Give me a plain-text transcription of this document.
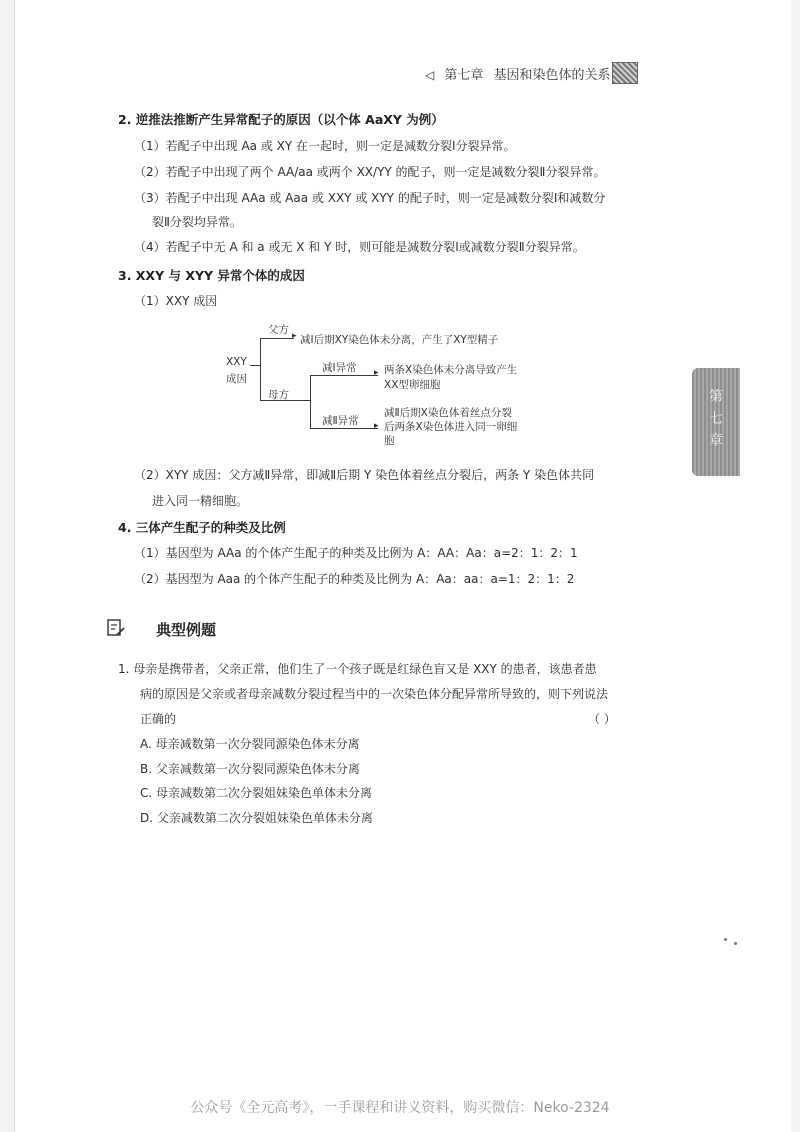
◁ 第七章 基因和染色体的关系
2. 逆推法推断产生异常配子的原因（以个体 AaXY 为例）
（1）若配子中出现 Aa 或 XY 在一起时，则一定是减数分裂Ⅰ分裂异常。
（2）若配子中出现了两个 AA/aa 或两个 XX/YY 的配子，则一定是减数分裂Ⅱ分裂异常。
（3）若配子中出现 AAa 或 Aaa 或 XXY 或 XYY 的配子时，则一定是减数分裂Ⅰ和减数分
裂Ⅱ分裂均异常。
（4）若配子中无 A 和 a 或无 X 和 Y 时，则可能是减数分裂Ⅰ或减数分裂Ⅱ分裂异常。
3. XXY 与 XYY 异常个体的成因
（1）XXY 成因
XXY
成因
父方 ▸ 减Ⅰ后期XY染色体未分离，产生了XY型精子
母方
减Ⅰ异常 ▸ 两条X染色体未分离导致产生
XX型卵细胞
减Ⅱ异常 ▸
减Ⅱ后期X染色体着丝点分裂
后两条X染色体进入同一卵细
胞
（2）XYY 成因：父方减Ⅱ异常，即减Ⅱ后期 Y 染色体着丝点分裂后，两条 Y 染色体共同
进入同一精细胞。
4. 三体产生配子的种类及比例
（1）基因型为 AAa 的个体产生配子的种类及比例为 A：AA：Aa：a=2：1：2：1
（2）基因型为 Aaa 的个体产生配子的种类及比例为 A：Aa：aa：a=1：2：1：2
典型例题
1. 母亲是携带者，父亲正常，他们生了一个孩子既是红绿色盲又是 XXY 的患者，该患者患
病的原因是父亲或者母亲减数分裂过程当中的一次染色体分配异常所导致的，则下列说法
正确的	（ ）
A. 母亲减数第一次分裂同源染色体未分离
B. 父亲减数第一次分裂同源染色体未分离
C. 母亲减数第二次分裂姐妹染色单体未分离
D. 父亲减数第二次分裂姐妹染色单体未分离
第七章
公众号《全元高考》，一手课程和讲义资料，购买微信：Neko-2324
